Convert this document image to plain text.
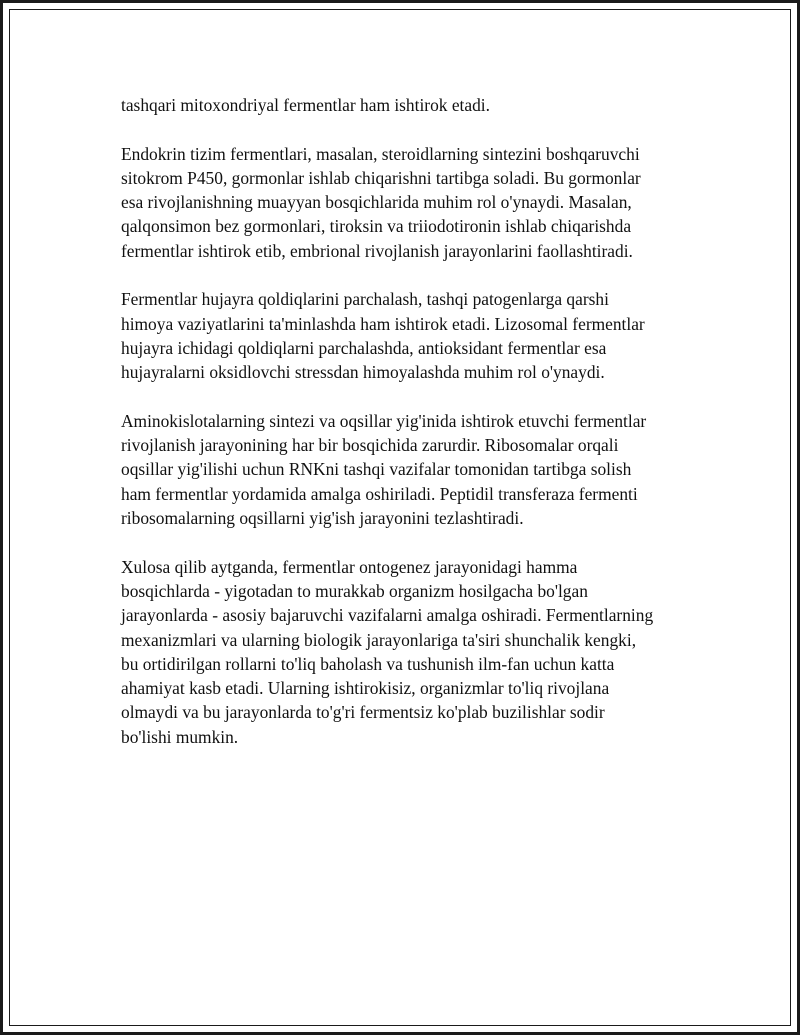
tashqari mitoxondriyal fermentlar ham ishtirok etadi.

Endokrin tizim fermentlari, masalan, steroidlarning sintezini boshqaruvchi
sitokrom P450, gormonlar ishlab chiqarishni tartibga soladi. Bu gormonlar
esa rivojlanishning muayyan bosqichlarida muhim rol o'ynaydi. Masalan,
qalqonsimon bez gormonlari, tiroksin va triiodotironin ishlab chiqarishda
fermentlar ishtirok etib, embrional rivojlanish jarayonlarini faollashtiradi.

Fermentlar hujayra qoldiqlarini parchalash, tashqi patogenlarga qarshi
himoya vaziyatlarini ta'minlashda ham ishtirok etadi. Lizosomal fermentlar
hujayra ichidagi qoldiqlarni parchalashda, antioksidant fermentlar esa
hujayralarni oksidlovchi stressdan himoyalashda muhim rol o'ynaydi.

Aminokislotalarning sintezi va oqsillar yig'inida ishtirok etuvchi fermentlar
rivojlanish jarayonining har bir bosqichida zarurdir. Ribosomalar orqali
oqsillar yig'ilishi uchun RNKni tashqi vazifalar tomonidan tartibga solish
ham fermentlar yordamida amalga oshiriladi. Peptidil transferaza fermenti
ribosomalarning oqsillarni yig'ish jarayonini tezlashtiradi.

Xulosa qilib aytganda, fermentlar ontogenez jarayonidagi hamma
bosqichlarda - yigotadan to murakkab organizm hosilgacha bo'lgan
jarayonlarda - asosiy bajaruvchi vazifalarni amalga oshiradi. Fermentlarning
mexanizmlari va ularning biologik jarayonlariga ta'siri shunchalik kengki,
bu ortidirilgan rollarni to'liq baholash va tushunish ilm-fan uchun katta
ahamiyat kasb etadi. Ularning ishtirokisiz, organizmlar to'liq rivojlana
olmaydi va bu jarayonlarda to'g'ri fermentsiz ko'plab buzilishlar sodir
bo'lishi mumkin.
